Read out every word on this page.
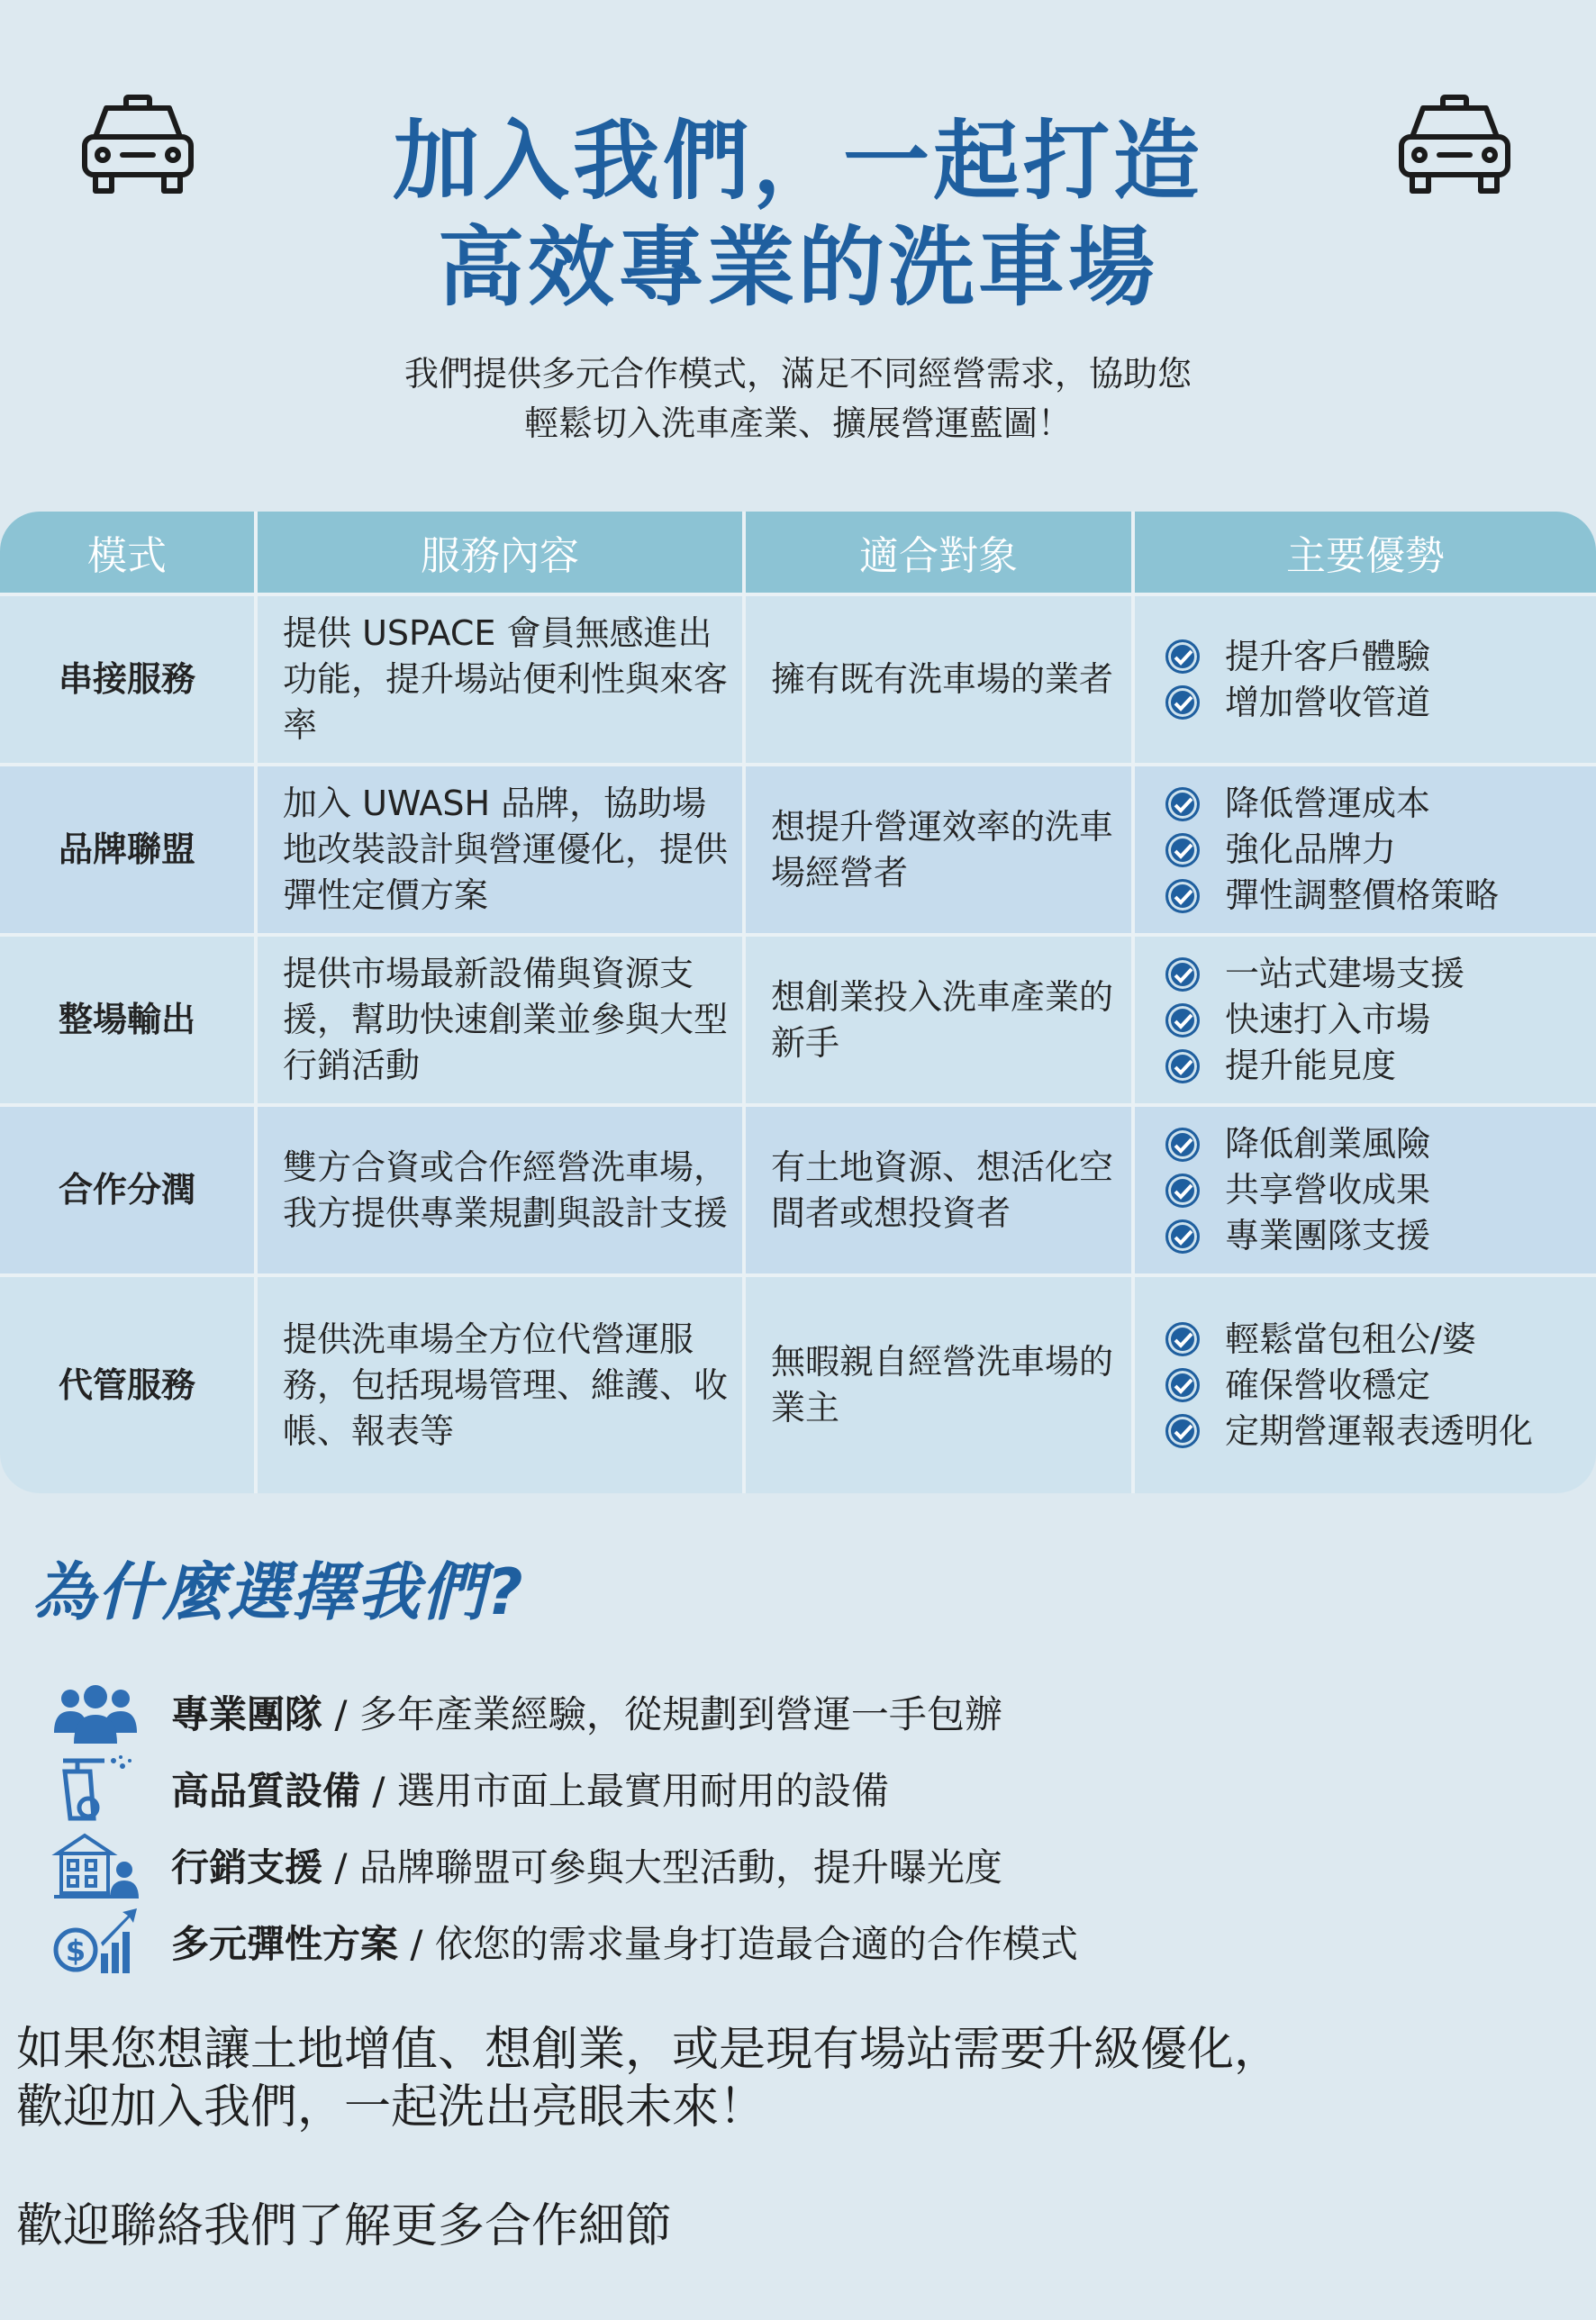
加入我們，一起打造
高效專業的洗車場
我們提供多元合作模式，滿足不同經營需求，協助您
輕鬆切入洗車產業、擴展營運藍圖！
模式	服務內容	適合對象	主要優勢
串接服務	提供 USPACE 會員無感進出功能，提升場站便利性與來客率	擁有既有洗車場的業者	提升客戶體驗
增加營收管道

品牌聯盟	加入 UWASH 品牌，協助場地改裝設計與營運優化，提供彈性定價方案	想提升營運效率的洗車場經營者	降低營運成本
強化品牌力
彈性調整價格策略

整場輸出	提供市場最新設備與資源支援，幫助快速創業並參與大型行銷活動	想創業投入洗車產業的新手	一站式建場支援
快速打入市場
提升能見度

合作分潤	雙方合資或合作經營洗車場，我方提供專業規劃與設計支援	有土地資源、想活化空間者或想投資者	降低創業風險
共享營收成果
專業團隊支援

代管服務	提供洗車場全方位代營運服務，包括現場管理、維護、收帳、報表等	無暇親自經營洗車場的業主	輕鬆當包租公/婆
確保營收穩定
定期營運報表透明化
為什麼選擇我們?
專業團隊 / 多年產業經驗，從規劃到營運一手包辦
高品質設備 / 選用市面上最實用耐用的設備
行銷支援 / 品牌聯盟可參與大型活動，提升曝光度
$ 多元彈性方案 / 依您的需求量身打造最合適的合作模式
如果您想讓土地增值、想創業，或是現有場站需要升級優化，
歡迎加入我們，一起洗出亮眼未來！
歡迎聯絡我們了解更多合作細節
